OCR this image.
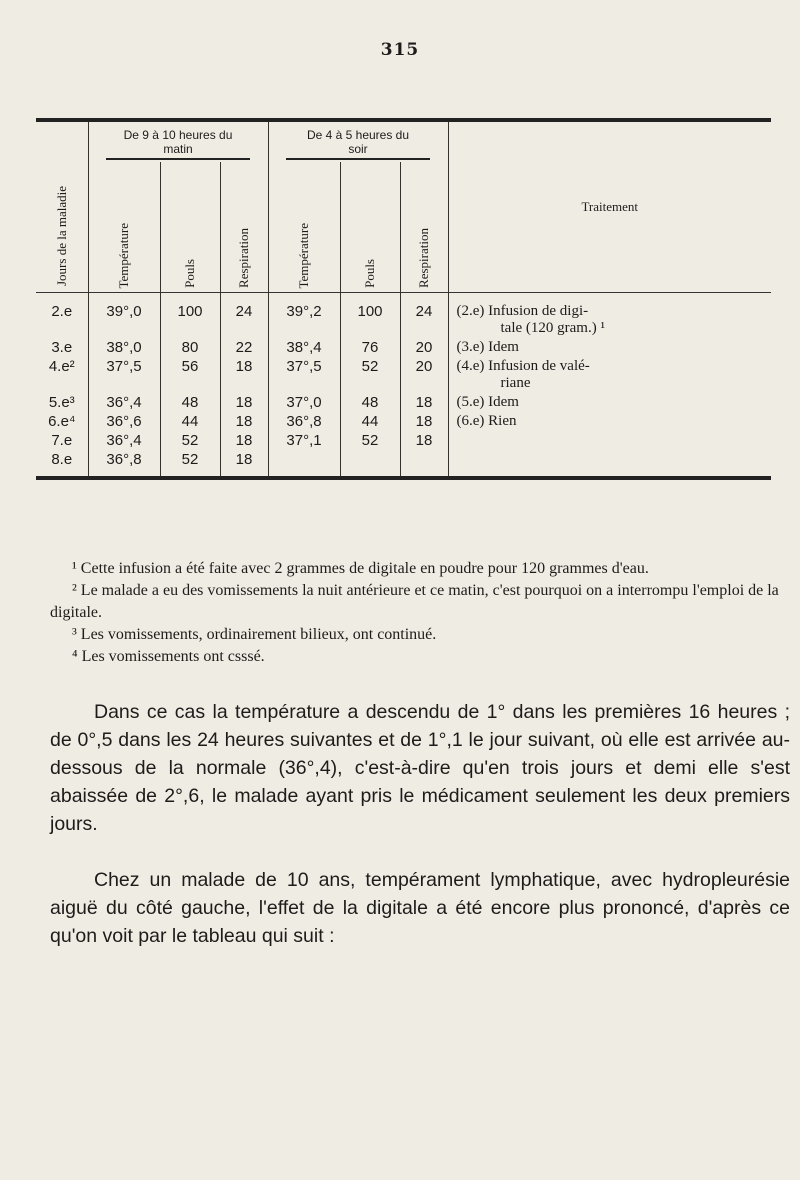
315
Jours de la maladie	De 9 à 10 heures du matin			De 4 à 5 heures du soir			Traitement

	Température	Pouls	Respiration	Température	Pouls	Respiration	

2.e	39°,0	100	24	39°,2	100	24	(2.e) Infusion de digi-
tale (120 gram.) ¹
3.e	38°,0	80	22	38°,4	76	20	(3.e) Idem
4.e²	37°,5	56	18	37°,5	52	20	(4.e) Infusion de valé-
riane
5.e³	36°,4	48	18	37°,0	48	18	(5.e) Idem
6.e⁴	36°,6	44	18	36°,8	44	18	(6.e) Rien
7.e	36°,4	52	18	37°,1	52	18	
8.e	36°,8	52	18				

¹ Cette infusion a été faite avec 2 grammes de digitale en poudre pour 120 grammes d'eau.

² Le malade a eu des vomissements la nuit antérieure et ce matin, c'est pourquoi on a interrompu l'emploi de la digitale.

³ Les vomissements, ordinairement bilieux, ont continué.

⁴ Les vomissements ont csssé.

Dans ce cas la température a descendu de 1° dans les premières 16 heures ; de 0°,5 dans les 24 heures suivantes et de 1°,1 le jour suivant, où elle est arrivée au-dessous de la normale (36°,4), c'est-à-dire qu'en trois jours et demi elle s'est abaissée de 2°,6, le malade ayant pris le médicament seulement les deux premiers jours.

Chez un malade de 10 ans, tempérament lymphatique, avec hydropleurésie aiguë du côté gauche, l'effet de la digitale a été encore plus prononcé, d'après ce qu'on voit par le tableau qui suit :
